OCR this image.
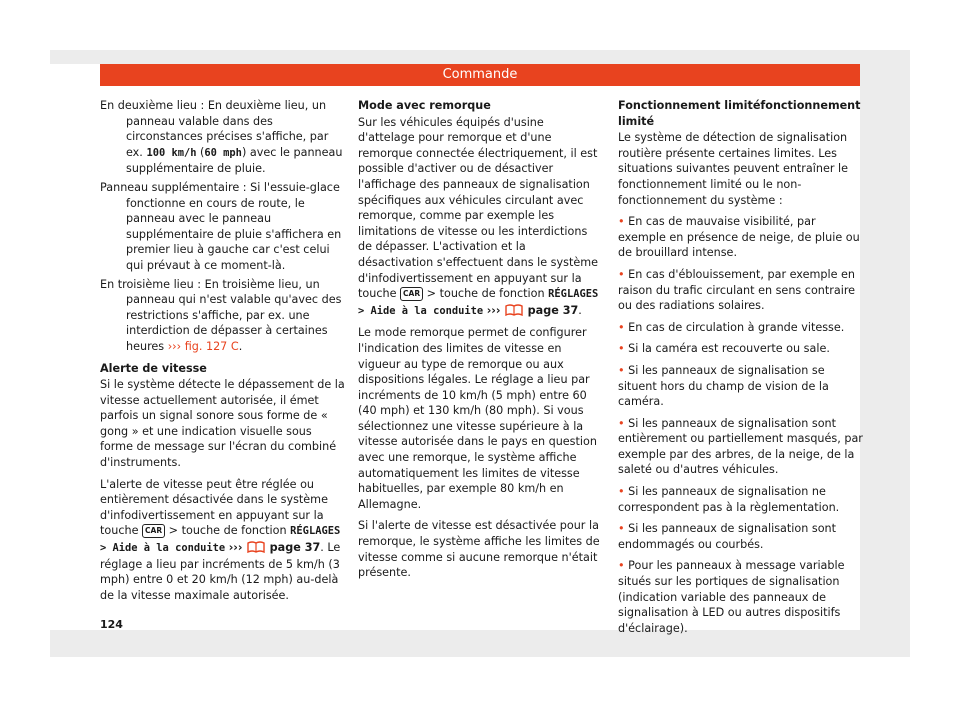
Commande

En deuxième lieu : En deuxième lieu, un panneau valable dans des circonstances précises s'affiche, par ex. 100 km/h (60 mph) avec le panneau supplémentaire de pluie.

Panneau supplémentaire : Si l'essuie-glace fonctionne en cours de route, le panneau avec le panneau supplémentaire de pluie s'affichera en premier lieu à gauche car c'est celui qui prévaut à ce moment-là.

En troisième lieu : En troisième lieu, un panneau qui n'est valable qu'avec des restrictions s'affiche, par ex. une interdiction de dépasser à certaines heures ››› fig. 127 C.

Alerte de vitesse

Si le système détecte le dépassement de la vitesse actuellement autorisée, il émet parfois un signal sonore sous forme de « gong » et une indication visuelle sous forme de message sur l'écran du combiné d'instruments.

L'alerte de vitesse peut être réglée ou entièrement désactivée dans le système d'infodivertissement en appuyant sur la touche CAR > touche de fonction RÉGLAGES > Aide à la conduite ››› page 37. Le réglage a lieu par incréments de 5 km/h (3 mph) entre 0 et 20 km/h (12 mph) au-delà de la vitesse maximale autorisée.

Mode avec remorque

Sur les véhicules équipés d'usine d'attelage pour remorque et d'une remorque connectée électriquement, il est possible d'activer ou de désactiver l'affichage des panneaux de signalisation spécifiques aux véhicules circulant avec remorque, comme par exemple les limitations de vitesse ou les interdictions de dépasser. L'activation et la désactivation s'effectuent dans le système d'infodivertissement en appuyant sur la touche CAR > touche de fonction RÉGLAGES > Aide à la conduite ››› page 37.

Le mode remorque permet de configurer l'indication des limites de vitesse en vigueur au type de remorque ou aux dispositions légales. Le réglage a lieu par incréments de 10 km/h (5 mph) entre 60 (40 mph) et 130 km/h (80 mph). Si vous sélectionnez une vitesse supérieure à la vitesse autorisée dans le pays en question avec une remorque, le système affiche automatiquement les limites de vitesse habituelles, par exemple 80 km/h en Allemagne.

Si l'alerte de vitesse est désactivée pour la remorque, le système affiche les limites de vitesse comme si aucune remorque n'était présente.

Fonctionnement limitéfonctionnement limité

Le système de détection de signalisation routière présente certaines limites. Les situations suivantes peuvent entraîner le fonctionnement limité ou le non-fonctionnement du système :

• En cas de mauvaise visibilité, par exemple en présence de neige, de pluie ou de brouillard intense.

• En cas d'éblouissement, par exemple en raison du trafic circulant en sens contraire ou des radiations solaires.

• En cas de circulation à grande vitesse.

• Si la caméra est recouverte ou sale.

• Si les panneaux de signalisation se situent hors du champ de vision de la caméra.

• Si les panneaux de signalisation sont entièrement ou partiellement masqués, par exemple par des arbres, de la neige, de la saleté ou d'autres véhicules.

• Si les panneaux de signalisation ne correspondent pas à la règlementation.

• Si les panneaux de signalisation sont endommagés ou courbés.

• Pour les panneaux à message variable situés sur les portiques de signalisation (indication variable des panneaux de signalisation à LED ou autres dispositifs d'éclairage).

124
